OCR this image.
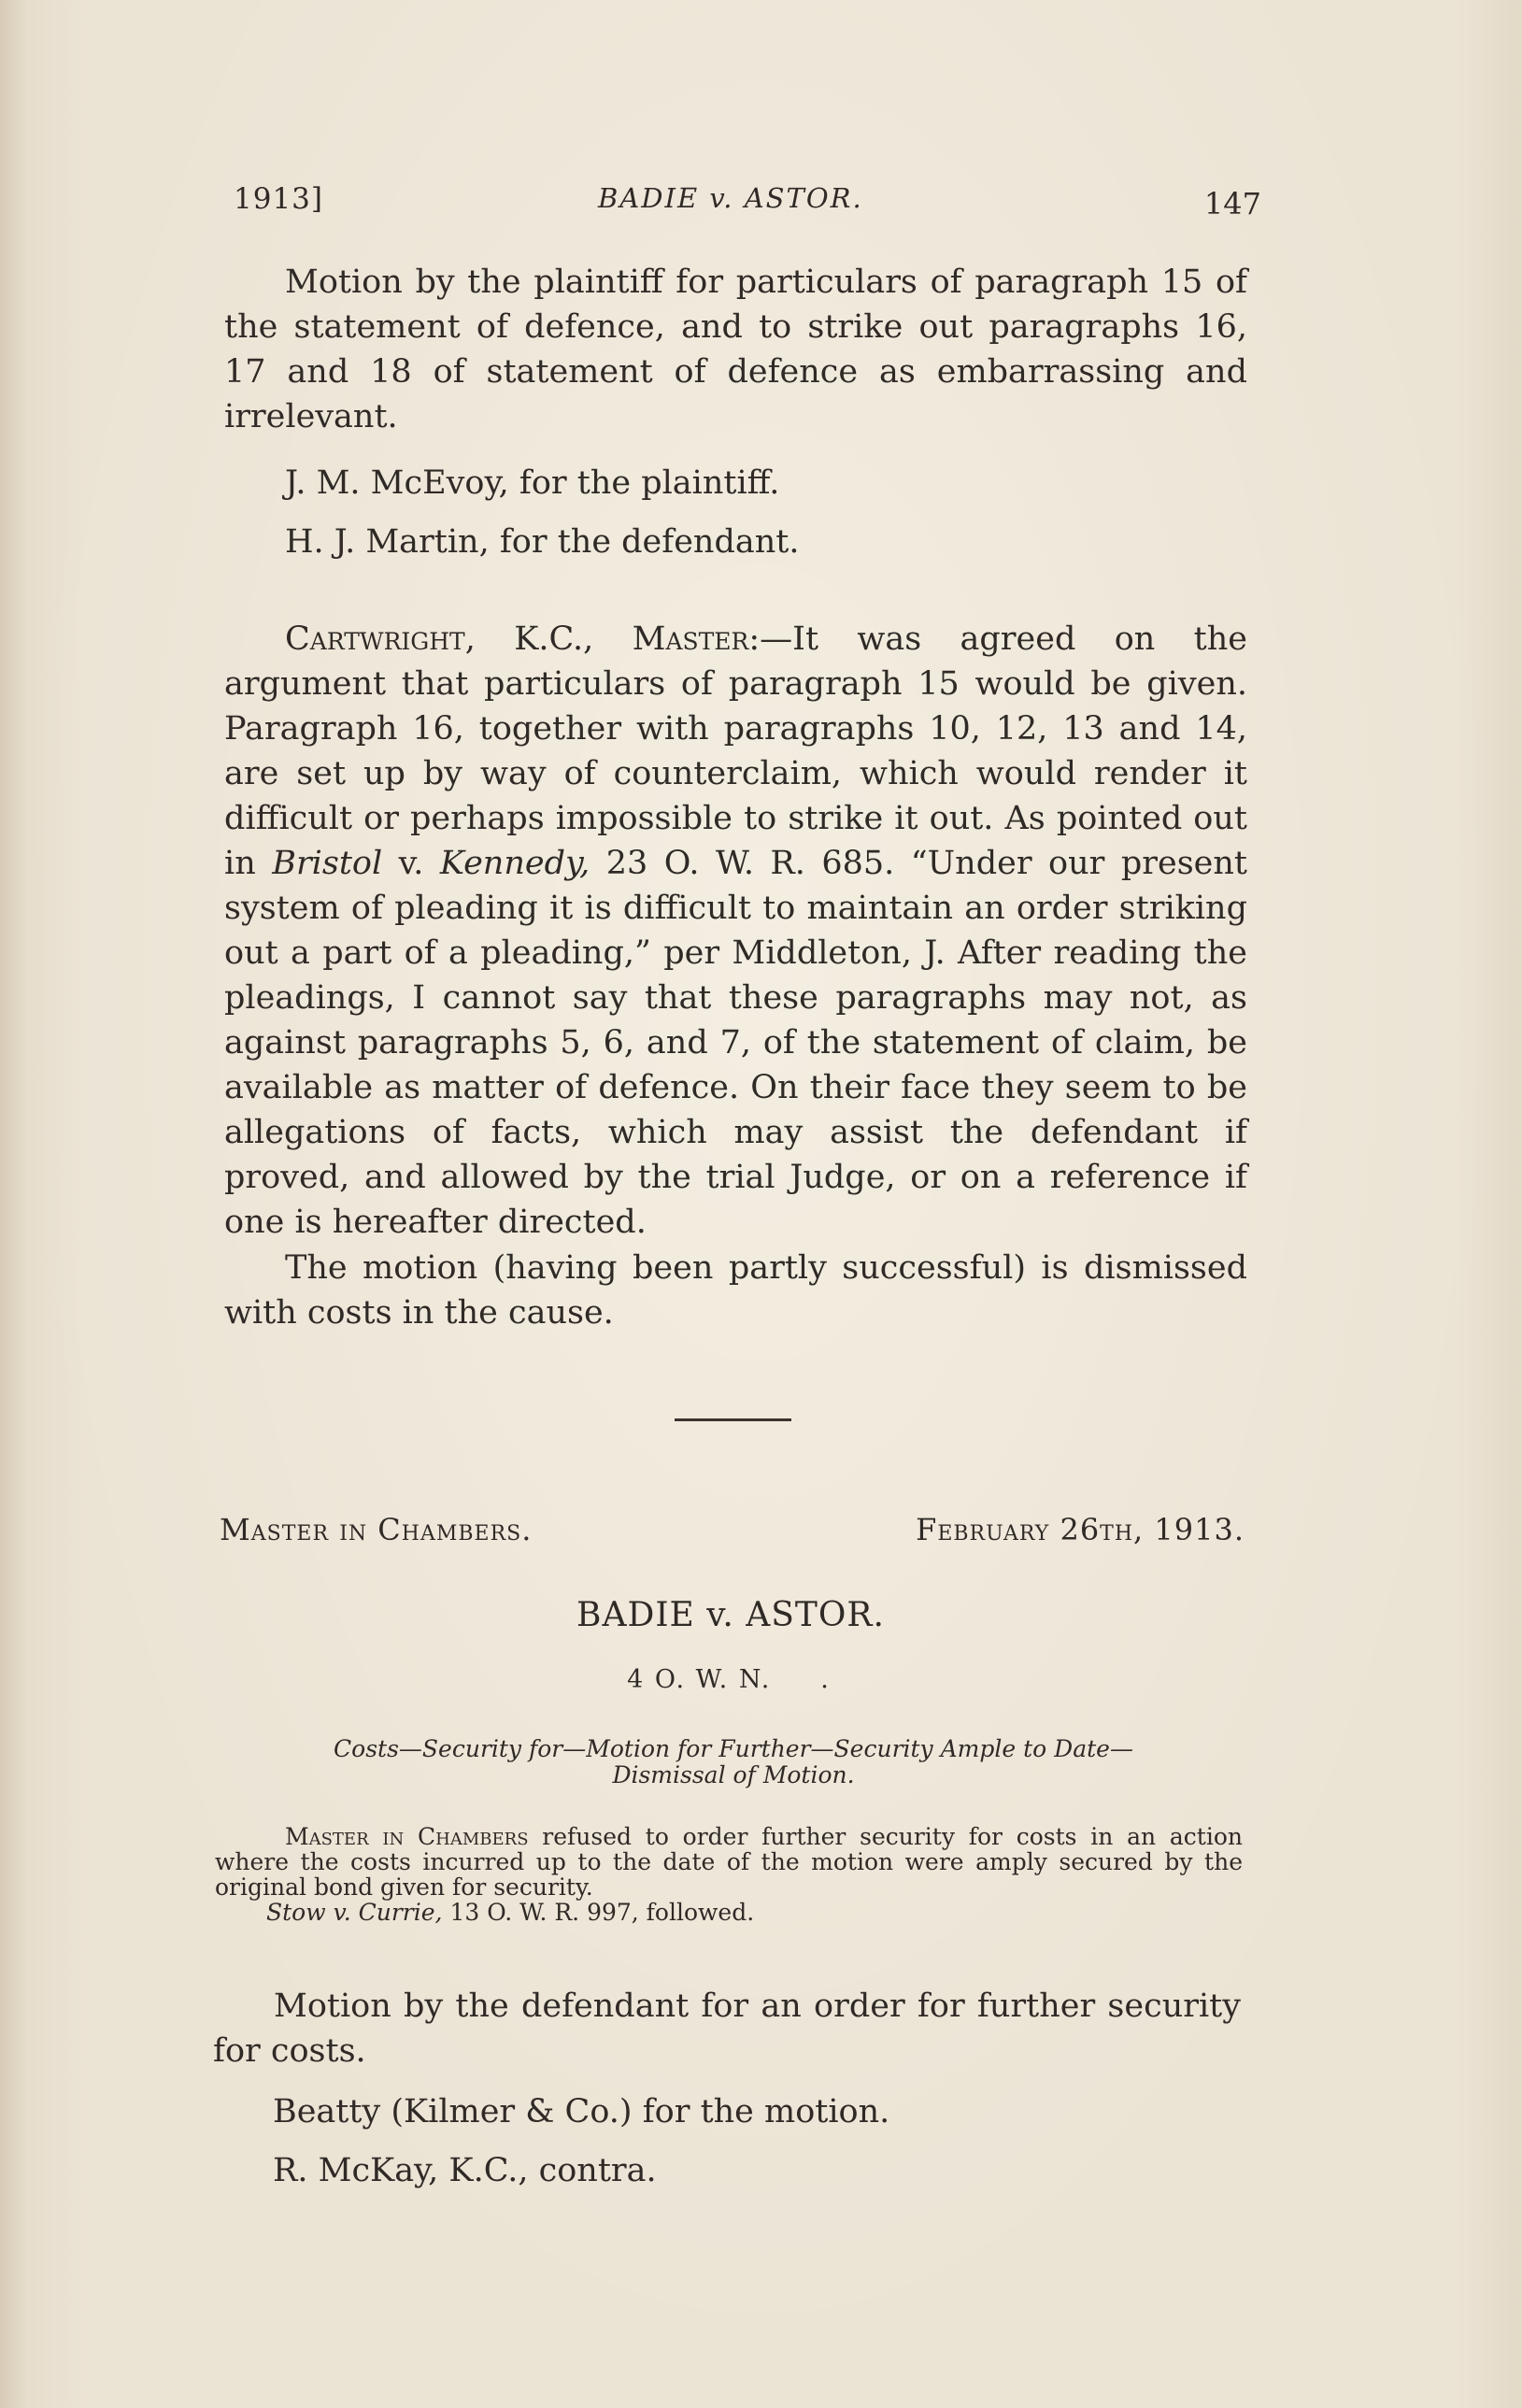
1913]	BADIE v. ASTOR.	147

Motion by the plaintiff for particulars of paragraph 15 of the statement of defence, and to strike out paragraphs 16, 17 and 18 of statement of defence as embarrassing and irrelevant.

J. M. McEvoy, for the plaintiff.
H. J. Martin, for the defendant.

Cartwright, K.C., Master:—It was agreed on the argument that particulars of paragraph 15 would be given. Paragraph 16, together with paragraphs 10, 12, 13 and 14, are set up by way of counterclaim, which would render it difficult or perhaps impossible to strike it out. As pointed out in Bristol v. Kennedy, 23 O. W. R. 685. “Under our present system of pleading it is difficult to maintain an order striking out a part of a pleading,” per Middleton, J. After reading the pleadings, I cannot say that these paragraphs may not, as against paragraphs 5, 6, and 7, of the statement of claim, be available as matter of defence. On their face they seem to be allegations of facts, which may assist the defendant if proved, and allowed by the trial Judge, or on a reference if one is hereafter directed.

The motion (having been partly successful) is dismissed with costs in the cause.

Master in Chambers.	February 26th, 1913.
BADIE v. ASTOR.
4 O. W. N.     .
Costs—Security for—Motion for Further—Security Ample to Date—
Dismissal of Motion.

Master in Chambers refused to order further security for costs in an action where the costs incurred up to the date of the motion were amply secured by the original bond given for security.
Stow v. Currie, 13 O. W. R. 997, followed.

Motion by the defendant for an order for further security for costs.

Beatty (Kilmer & Co.) for the motion.
R. McKay, K.C., contra.
